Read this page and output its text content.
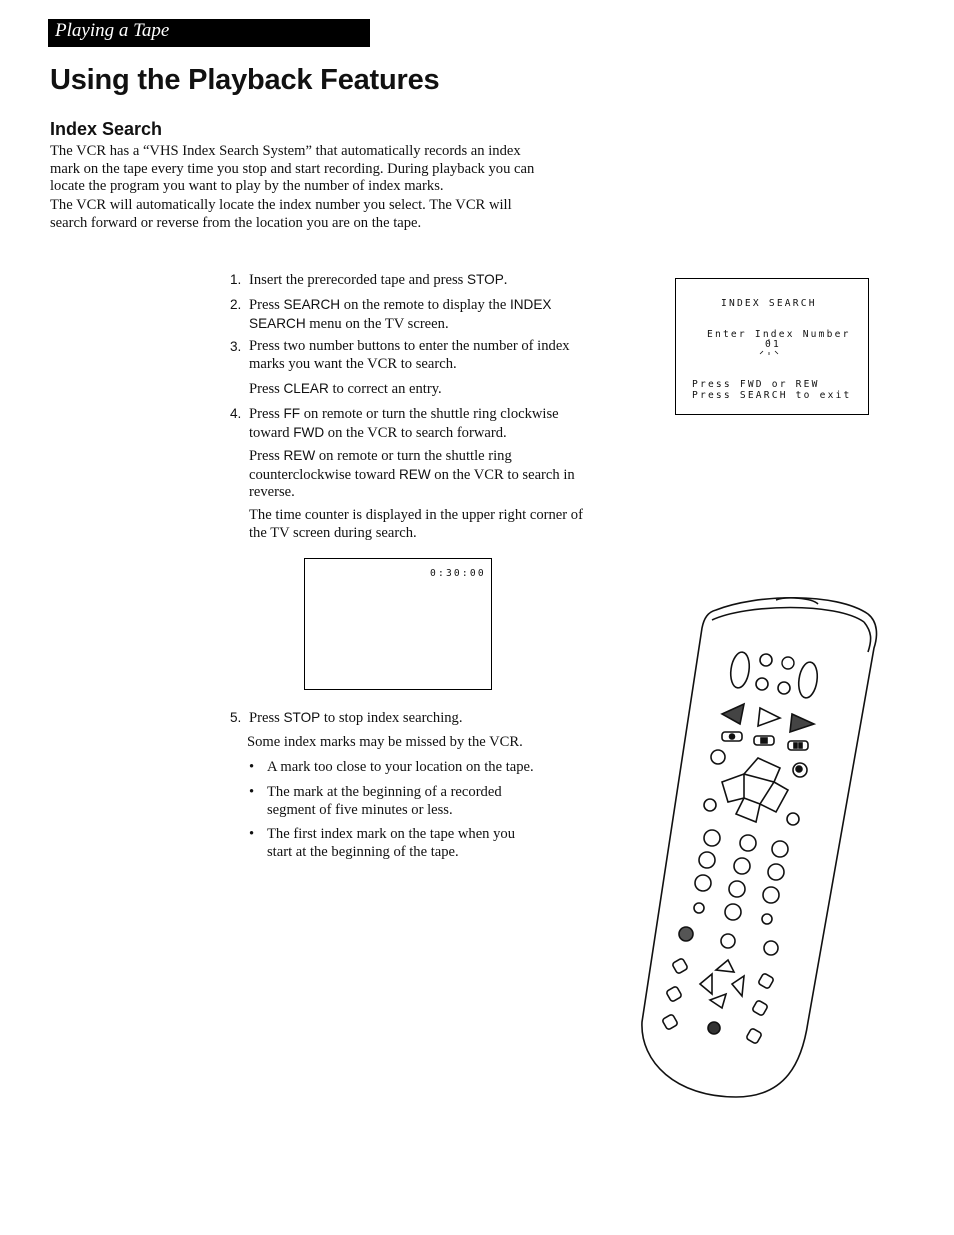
Playing a Tape
Using the Playback Features
Index Search

The VCR has a “VHS Index Search System” that automatically records an index
mark on the tape every time you stop and start recording. During playback you can
locate the program you want to play by the number of index marks.

The VCR will automatically locate the index number you select. The VCR will
search forward or reverse from the location you are on the tape.

1. Insert the prerecorded tape and press STOP.
2. Press SEARCH on the remote to display the INDEX
SEARCH menu on the TV screen.
3. Press two number buttons to enter the number of index
marks you want the VCR to search.
Press CLEAR to correct an entry.
4. Press FF on remote or turn the shuttle ring clockwise
toward FWD on the VCR to search forward.
Press REW on remote or turn the shuttle ring
counterclockwise toward REW on the VCR to search in
reverse.
The time counter is displayed in the upper right corner of
the TV screen during search.
5. Press STOP to stop index searching.
Some index marks may be missed by the VCR.
• A mark too close to your location on the tape.
• The mark at the beginning of a recorded
segment of five minutes or less.
• The first index mark on the tape when you
start at the beginning of the tape.
INDEX SEARCH
Enter Index Number
01
Press FWD or REW
Press SEARCH to exit
0:30:00
